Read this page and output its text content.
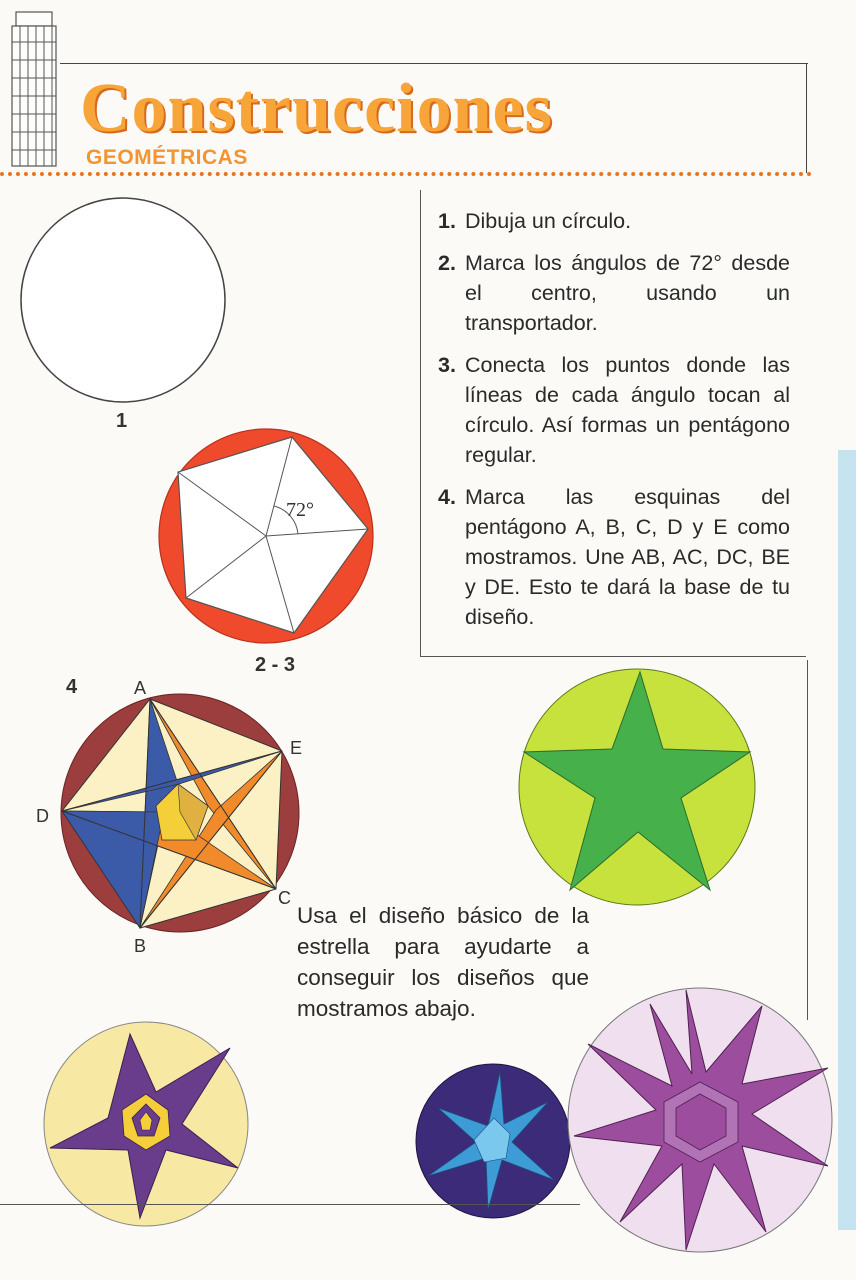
Construcciones
GEOMÉTRICAS
1. Dibuja un círculo.
2. Marca los ángulos de 72° desde el centro, usando un transportador.
3. Conecta los puntos donde las líneas de cada ángulo tocan al círculo. Así formas un pentágono regular.
4. Marca las esquinas del pentágono A, B, C, D y E como mostramos. Une AB, AC, DC, BE y DE. Esto te dará la base de tu diseño.
1
72°
2 - 3
4	A
E
D
C
B
Usa el diseño básico de la estrella para ayudarte a conseguir los diseños que mostramos abajo.
